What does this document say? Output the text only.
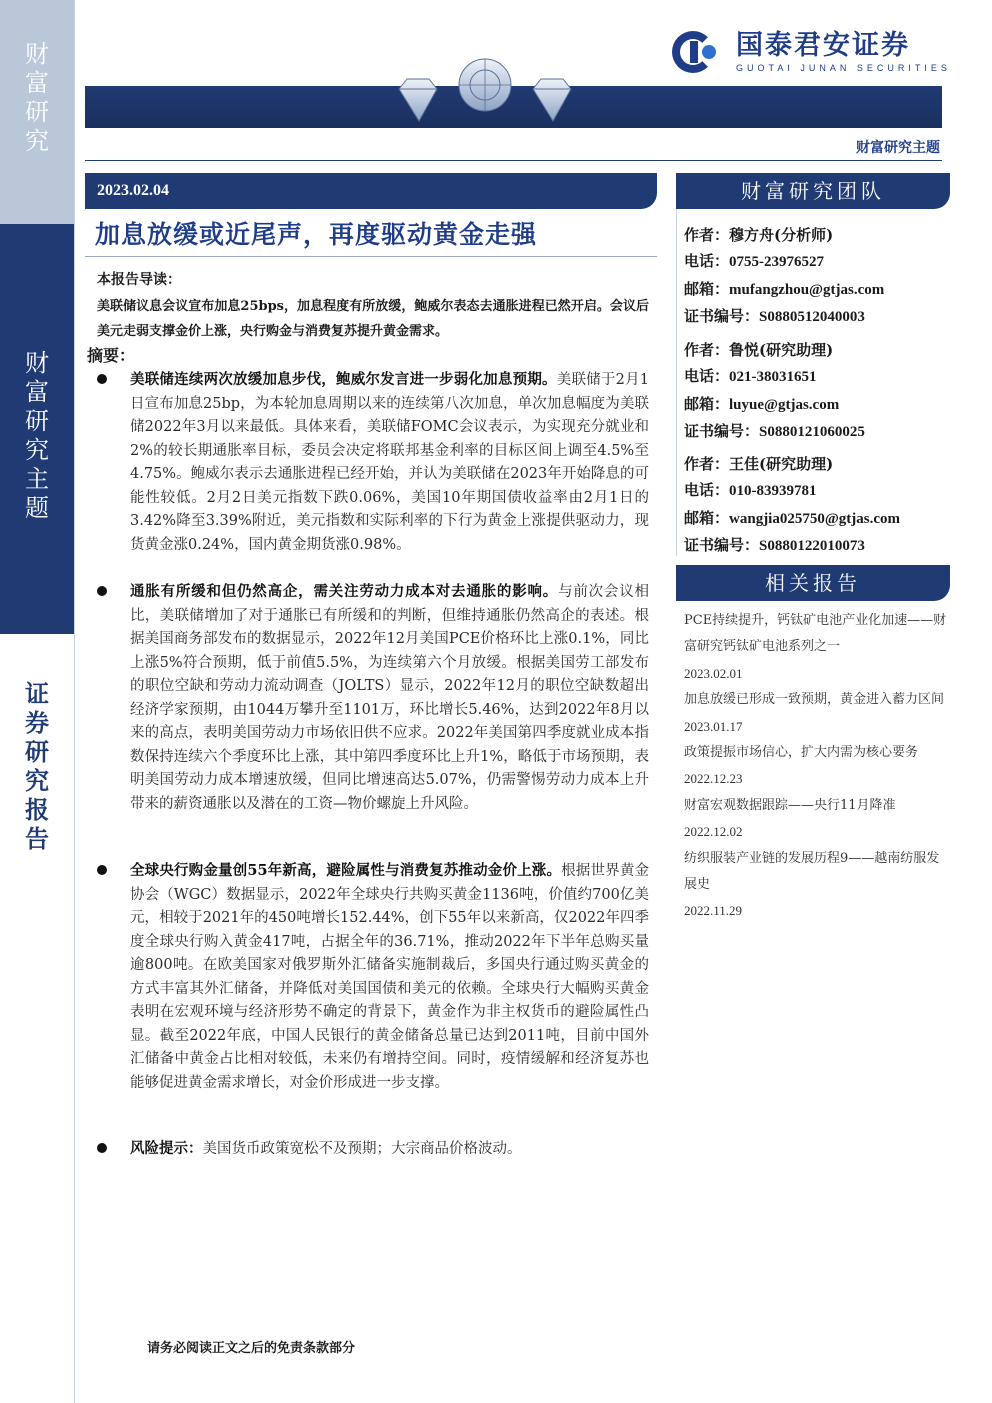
财富研究
财富研究主题
证券研究报告
国泰君安证券
GUOTAI JUNAN SECURITIES
财富研究主题
2023.02.04
加息放缓或近尾声，再度驱动黄金走强
本报告导读：
美联储议息会议宣布加息25bps，加息程度有所放缓，鲍威尔表态去通胀进程已然开启。会议后美元走弱支撑金价上涨，央行购金与消费复苏提升黄金需求。
摘要：

美联储连续两次放缓加息步伐，鲍威尔发言进一步弱化加息预期。美联储于2月1日宣布加息25bp，为本轮加息周期以来的连续第八次加息，单次加息幅度为美联储2022年3月以来最低。具体来看，美联储FOMC会议表示，为实现充分就业和2%的较长期通胀率目标，委员会决定将联邦基金利率的目标区间上调至4.5%至4.75%。鲍威尔表示去通胀进程已经开始，并认为美联储在2023年开始降息的可能性较低。2月2日美元指数下跌0.06%，美国10年期国债收益率由2月1日的3.42%降至3.39%附近，美元指数和实际利率的下行为黄金上涨提供驱动力，现货黄金涨0.24%，国内黄金期货涨0.98%。

通胀有所缓和但仍然高企，需关注劳动力成本对去通胀的影响。与前次会议相比，美联储增加了对于通胀已有所缓和的判断，但维持通胀仍然高企的表述。根据美国商务部发布的数据显示，2022年12月美国PCE价格环比上涨0.1%，同比上涨5%符合预期，低于前值5.5%，为连续第六个月放缓。根据美国劳工部发布的职位空缺和劳动力流动调查（JOLTS）显示，2022年12月的职位空缺数超出经济学家预期，由1044万攀升至1101万，环比增长5.46%，达到2022年8月以来的高点，表明美国劳动力市场依旧供不应求。2022年美国第四季度就业成本指数保持连续六个季度环比上涨，其中第四季度环比上升1%，略低于市场预期，表明美国劳动力成本增速放缓，但同比增速高达5.07%，仍需警惕劳动力成本上升带来的薪资通胀以及潜在的工资—物价螺旋上升风险。

全球央行购金量创55年新高，避险属性与消费复苏推动金价上涨。根据世界黄金协会（WGC）数据显示，2022年全球央行共购买黄金1136吨，价值约700亿美元，相较于2021年的450吨增长152.44%，创下55年以来新高，仅2022年四季度全球央行购入黄金417吨，占据全年的36.71%，推动2022年下半年总购买量逾800吨。在欧美国家对俄罗斯外汇储备实施制裁后，多国央行通过购买黄金的方式丰富其外汇储备，并降低对美国国债和美元的依赖。全球央行大幅购买黄金表明在宏观环境与经济形势不确定的背景下，黄金作为非主权货币的避险属性凸显。截至2022年底，中国人民银行的黄金储备总量已达到2011吨，目前中国外汇储备中黄金占比相对较低，未来仍有增持空间。同时，疫情缓解和经济复苏也能够促进黄金需求增长，对金价形成进一步支撑。

风险提示：美国货币政策宽松不及预期；大宗商品价格波动。

请务必阅读正文之后的免责条款部分
财富研究团队
作者：穆方舟(分析师)
电话：0755-23976527
邮箱：mufangzhou@gtjas.com
证书编号：S0880512040003
作者：鲁悦(研究助理)
电话：021-38031651
邮箱：luyue@gtjas.com
证书编号：S0880121060025
作者：王佳(研究助理)
电话：010-83939781
邮箱：wangjia025750@gtjas.com
证书编号：S0880122010073
相关报告
PCE持续提升，钙钛矿电池产业化加速——财富研究钙钛矿电池系列之一
2023.02.01
加息放缓已形成一致预期，黄金进入蓄力区间
2023.01.17
政策提振市场信心，扩大内需为核心要务
2022.12.23
财富宏观数据跟踪——央行11月降准
2022.12.02
纺织服装产业链的发展历程9——越南纺服发展史
2022.11.29
